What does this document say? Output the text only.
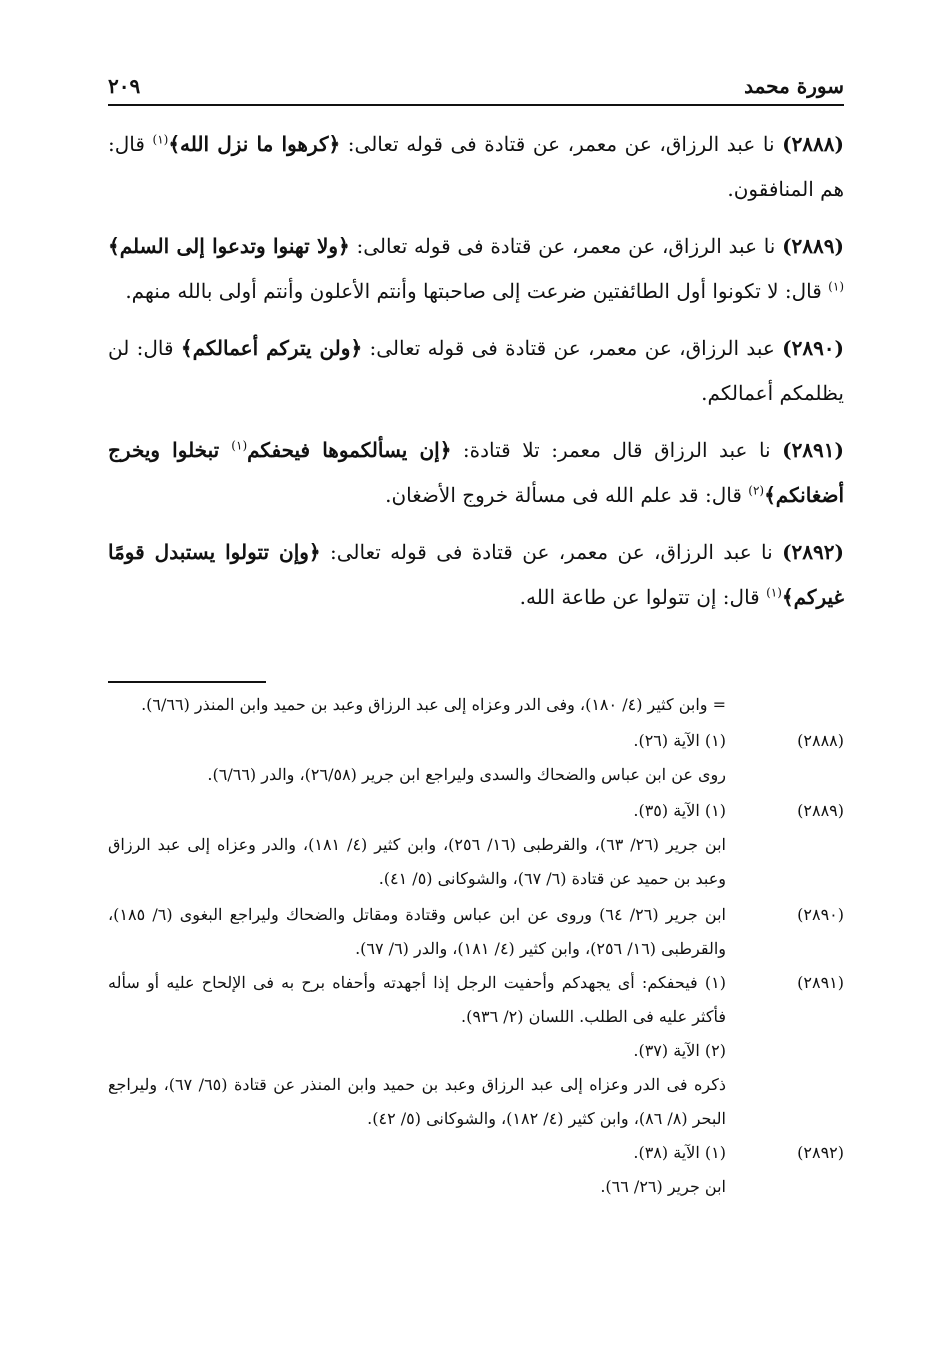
سورة محمد
٢٠٩

(٢٨٨٨) نا عبد الرزاق، عن معمر، عن قتادة فى قوله تعالى: ﴿كرهوا ما نزل الله﴾$^{(١)}$ قال: هم المنافقون.

(٢٨٨٩) نا عبد الرزاق، عن معمر، عن قتادة فى قوله تعالى: ﴿ولا تهنوا وتدعوا إلى السلم﴾$^{(١)}$ قال: لا تكونوا أول الطائفتين ضرعت إلى صاحبتها وأنتم الأعلون وأنتم أولى بالله منهم.

(٢٨٩٠) عبد الرزاق، عن معمر، عن قتادة فى قوله تعالى: ﴿ولن يتركم أعمالكم﴾ قال: لن يظلمكم أعمالكم.

(٢٨٩١) نا عبد الرزاق قال معمر: تلا قتادة: ﴿إن يسألكموها فيحفكم$^{(١)}$ تبخلوا ويخرج أضغانكم﴾$^{(٢)}$ قال: قد علم الله فى مسألة خروج الأضغان.

(٢٨٩٢) نا عبد الرزاق، عن معمر، عن قتادة فى قوله تعالى: ﴿وإن تتولوا يستبدل قومًا غيركم﴾$^{(١)}$ قال: إن تتولوا عن طاعة الله.

= وابن كثير (٤/ ١٨٠)، وفى الدر وعزاه إلى عبد الرزاق وعبد بن حميد وابن المنذر (٦/٦٦).
(٢٨٨٨)
(١) الآية (٢٦).
روى عن ابن عباس والضحاك والسدى وليراجع ابن جرير (٢٦/٥٨)، والدر (٦/٦٦).
(٢٨٨٩)
(١) الآية (٣٥).
ابن جرير (٢٦/ ٦٣)، والقرطبى (١٦/ ٢٥٦)، وابن كثير (٤/ ١٨١)، والدر وعزاه إلى عبد الرزاق وعبد بن حميد عن قتادة (٦/ ٦٧)، والشوكانى (٥/ ٤١).
(٢٨٩٠)
ابن جرير (٢٦/ ٦٤) وروى عن ابن عباس وقتادة ومقاتل والضحاك وليراجع البغوى (٦/ ١٨٥)، والقرطبى (١٦/ ٢٥٦)، وابن كثير (٤/ ١٨١)، والدر (٦/ ٦٧).
(٢٨٩١)
(١) فيحفكم: أى يجهدكم وأحفيت الرجل إذا أجهدته وأحفاه برح به فى الإلحاح عليه أو سأله فأكثر عليه فى الطلب. اللسان (٢/ ٩٣٦).
(٢) الآية (٣٧).
ذكره فى الدر وعزاه إلى عبد الرزاق وعبد بن حميد وابن المنذر عن قتادة (٦٥/ ٦٧)، وليراجع البحر (٨/ ٨٦)، وابن كثير (٤/ ١٨٢)، والشوكانى (٥/ ٤٢).
(٢٨٩٢)
(١) الآية (٣٨).
ابن جرير (٢٦/ ٦٦).
